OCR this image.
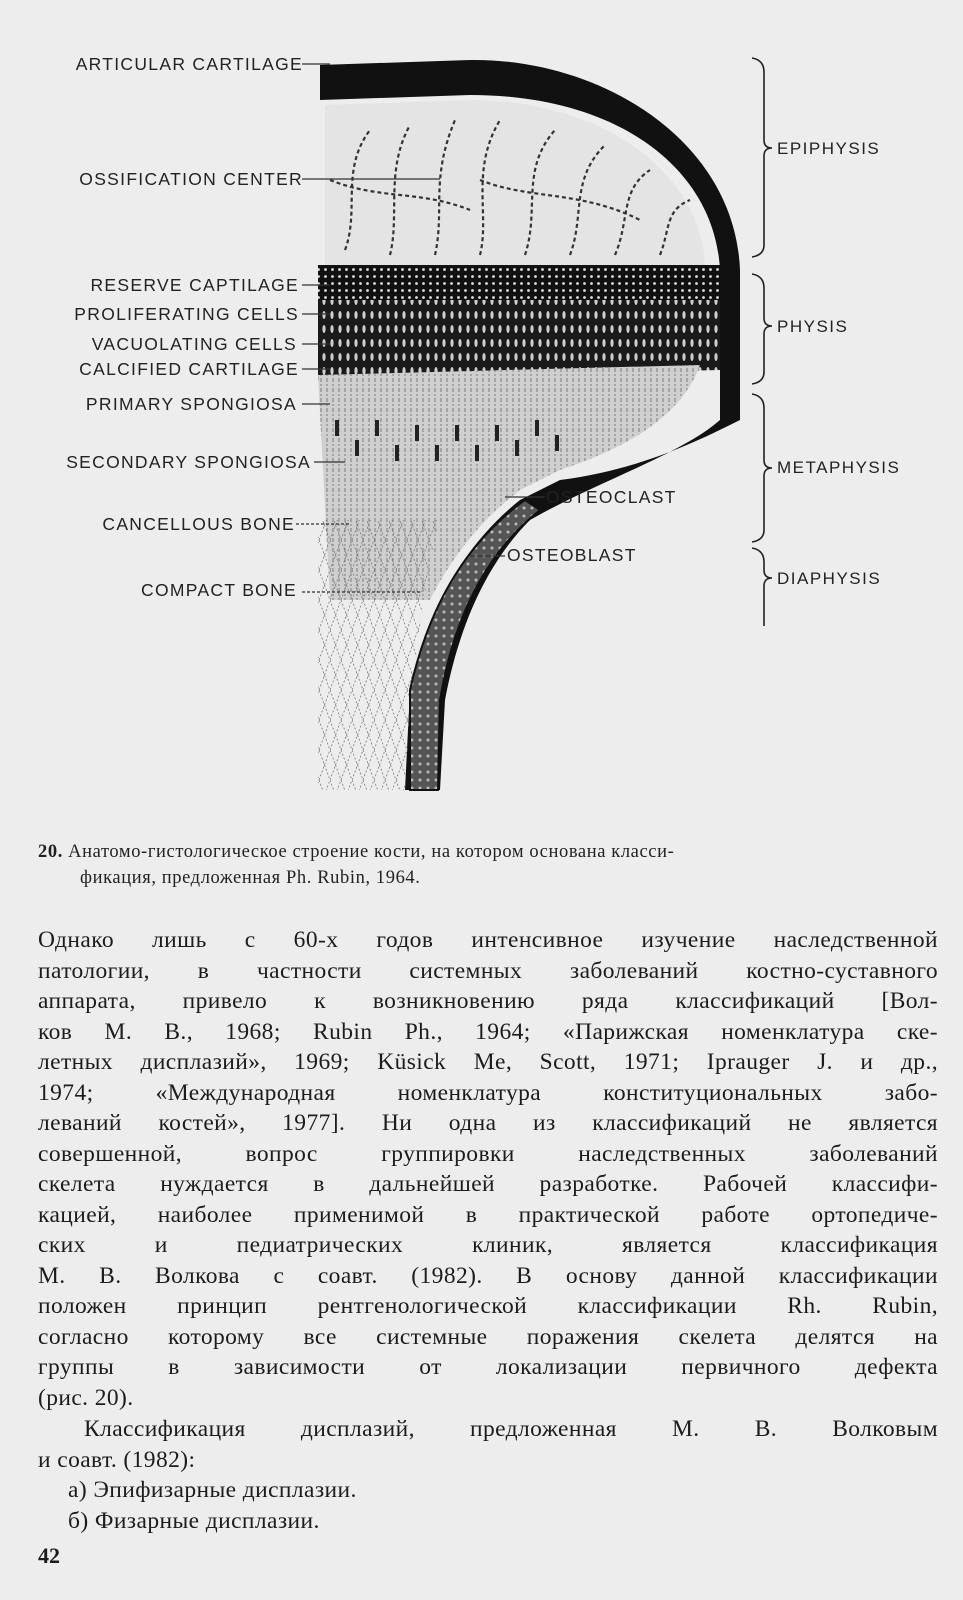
ARTICULAR CARTILAGE
OSSIFICATION CENTER
RESERVE CAPTILAGE
PROLIFERATING CELLS
VACUOLATING CELLS
CALCIFIED CARTILAGE
PRIMARY SPONGIOSA
SECONDARY SPONGIOSA
CANCELLOUS BONE
COMPACT BONE
OSTEOCLAST
OSTEOBLAST
EPIPHYSIS
PHYSIS
METAPHYSIS
DIAPHYSIS
20. Анатомо-гистологическое строение кости, на котором основана класси-
фикация, предложенная Ph. Rubin, 1964.
Однако лишь с 60-х годов интенсивное изучение наследственной
патологии, в частности системных заболеваний костно-суставного
аппарата, привело к возникновению ряда классификаций [Вол-
ков М. В., 1968; Rubin Ph., 1964; «Парижская номенклатура ске-
летных дисплазий», 1969; Küsick Me, Scott, 1971; Iprauger J. и др.,
1974; «Международная номенклатура конституциональных забо-
леваний костей», 1977]. Ни одна из классификаций не является
совершенной, вопрос группировки наследственных заболеваний
скелета нуждается в дальнейшей разработке. Рабочей классифи-
кацией, наиболее применимой в практической работе ортопедиче-
ских и педиатрических клиник, является классификация
М. В. Волкова с соавт. (1982). В основу данной классификации
положен принцип рентгенологической классификации Rh. Rubin,
согласно которому все системные поражения скелета делятся на
группы в зависимости от локализации первичного дефекта
(рис. 20).
Классификация дисплазий, предложенная М. В. Волковым
и соавт. (1982):
а) Эпифизарные дисплазии.
б) Физарные дисплазии.
42
